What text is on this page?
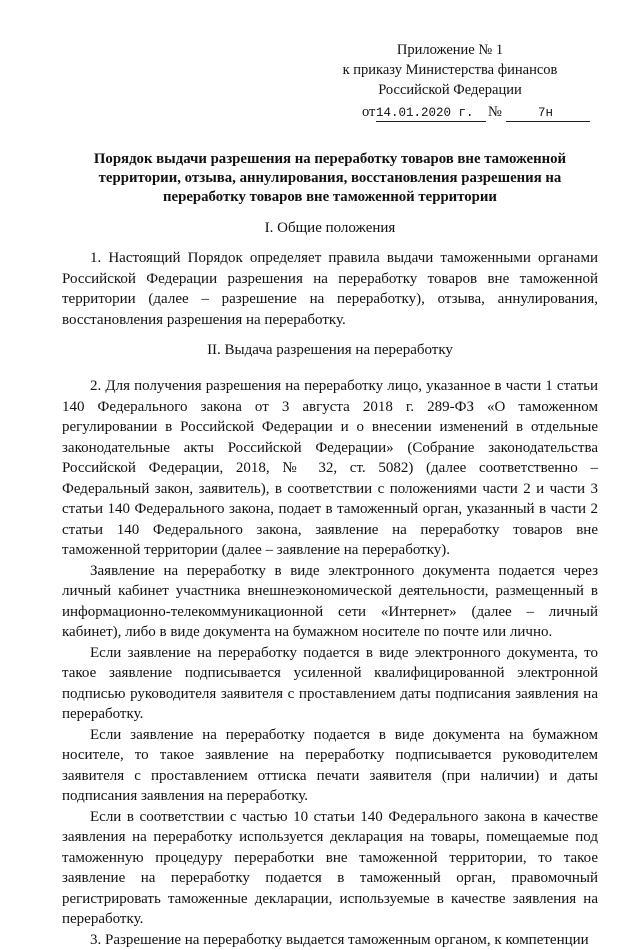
Приложение № 1
к приказу Министерства финансов
Российской Федерации
от 14.01.2020 г. №	7н
Порядок выдачи разрешения на переработку товаров вне таможенной территории, отзыва, аннулирования, восстановления разрешения на переработку товаров вне таможенной территории
I. Общие положения

1. Настоящий Порядок определяет правила выдачи таможенными органами Российской Федерации разрешения на переработку товаров вне таможенной территории (далее – разрешение на переработку), отзыва, аннулирования, восстановления разрешения на переработку.

II. Выдача разрешения на переработку

2. Для получения разрешения на переработку лицо, указанное в части 1 статьи 140 Федерального закона от 3 августа 2018 г. 289-ФЗ «О таможенном регулировании в Российской Федерации и о внесении изменений в отдельные законодательные акты Российской Федерации» (Собрание законодательства Российской Федерации, 2018, № 32, ст. 5082) (далее соответственно – Федеральный закон, заявитель), в соответствии с положениями части 2 и части 3 статьи 140 Федерального закона, подает в таможенный орган, указанный в части 2 статьи 140 Федерального закона, заявление на переработку товаров вне таможенной территории (далее – заявление на переработку).

Заявление на переработку в виде электронного документа подается через личный кабинет участника внешнеэкономической деятельности, размещенный в информационно-телекоммуникационной сети «Интернет» (далее – личный кабинет), либо в виде документа на бумажном носителе по почте или лично.

Если заявление на переработку подается в виде электронного документа, то такое заявление подписывается усиленной квалифицированной электронной подписью руководителя заявителя с проставлением даты подписания заявления на переработку.

Если заявление на переработку подается в виде документа на бумажном носителе, то такое заявление на переработку подписывается руководителем заявителя с проставлением оттиска печати заявителя (при наличии) и даты подписания заявления на переработку.

Если в соответствии с частью 10 статьи 140 Федерального закона в качестве заявления на переработку используется декларация на товары, помещаемые под таможенную процедуру переработки вне таможенной территории, то такое заявление на переработку подается в таможенный орган, правомочный регистрировать таможенные декларации, используемые в качестве заявления на переработку.

3. Разрешение на переработку выдается таможенным органом, к компетенции
